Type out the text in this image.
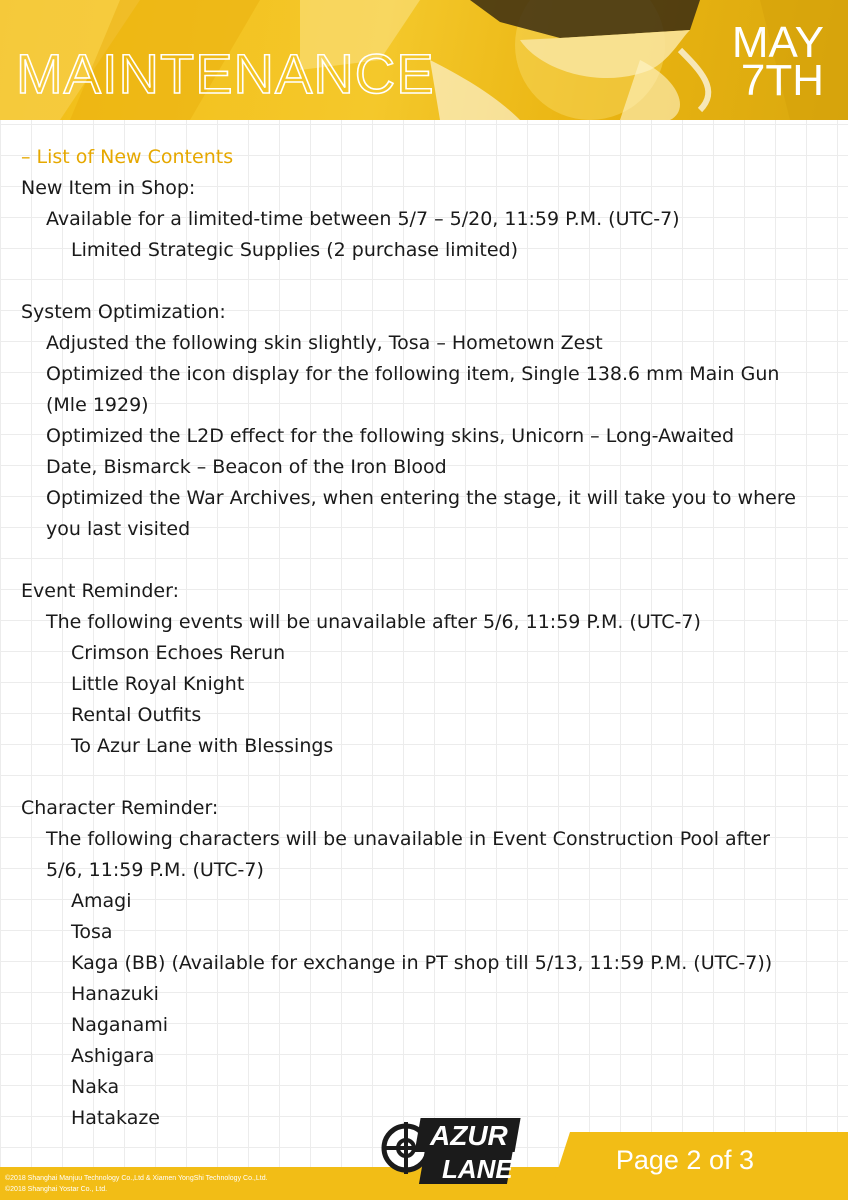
MAINTENANCE	MAY
7TH
– List of New Contents
New Item in Shop:
Available for a limited-time between 5/7 – 5/20, 11:59 P.M. (UTC-7)
Limited Strategic Supplies (2 purchase limited)
System Optimization:
Adjusted the following skin slightly, Tosa – Hometown Zest
Optimized the icon display for the following item, Single 138.6 mm Main Gun
(Mle 1929)
Optimized the L2D effect for the following skins, Unicorn – Long-Awaited
Date, Bismarck – Beacon of the Iron Blood
Optimized the War Archives, when entering the stage, it will take you to where
you last visited
Event Reminder:
The following events will be unavailable after 5/6, 11:59 P.M. (UTC-7)
Crimson Echoes Rerun
Little Royal Knight
Rental Outfits
To Azur Lane with Blessings
Character Reminder:
The following characters will be unavailable in Event Construction Pool after
5/6, 11:59 P.M. (UTC-7)
Amagi
Tosa
Kaga (BB) (Available for exchange in PT shop till 5/13, 11:59 P.M. (UTC-7))
Hanazuki
Naganami
Ashigara
Naka
Hatakaze
Page 2 of 3
©2018 Shanghai Manjuu Technology Co.,Ltd & Xiamen YongShi Technology Co.,Ltd.
©2018 Shanghai Yostar Co., Ltd.
AZUR
LANE
